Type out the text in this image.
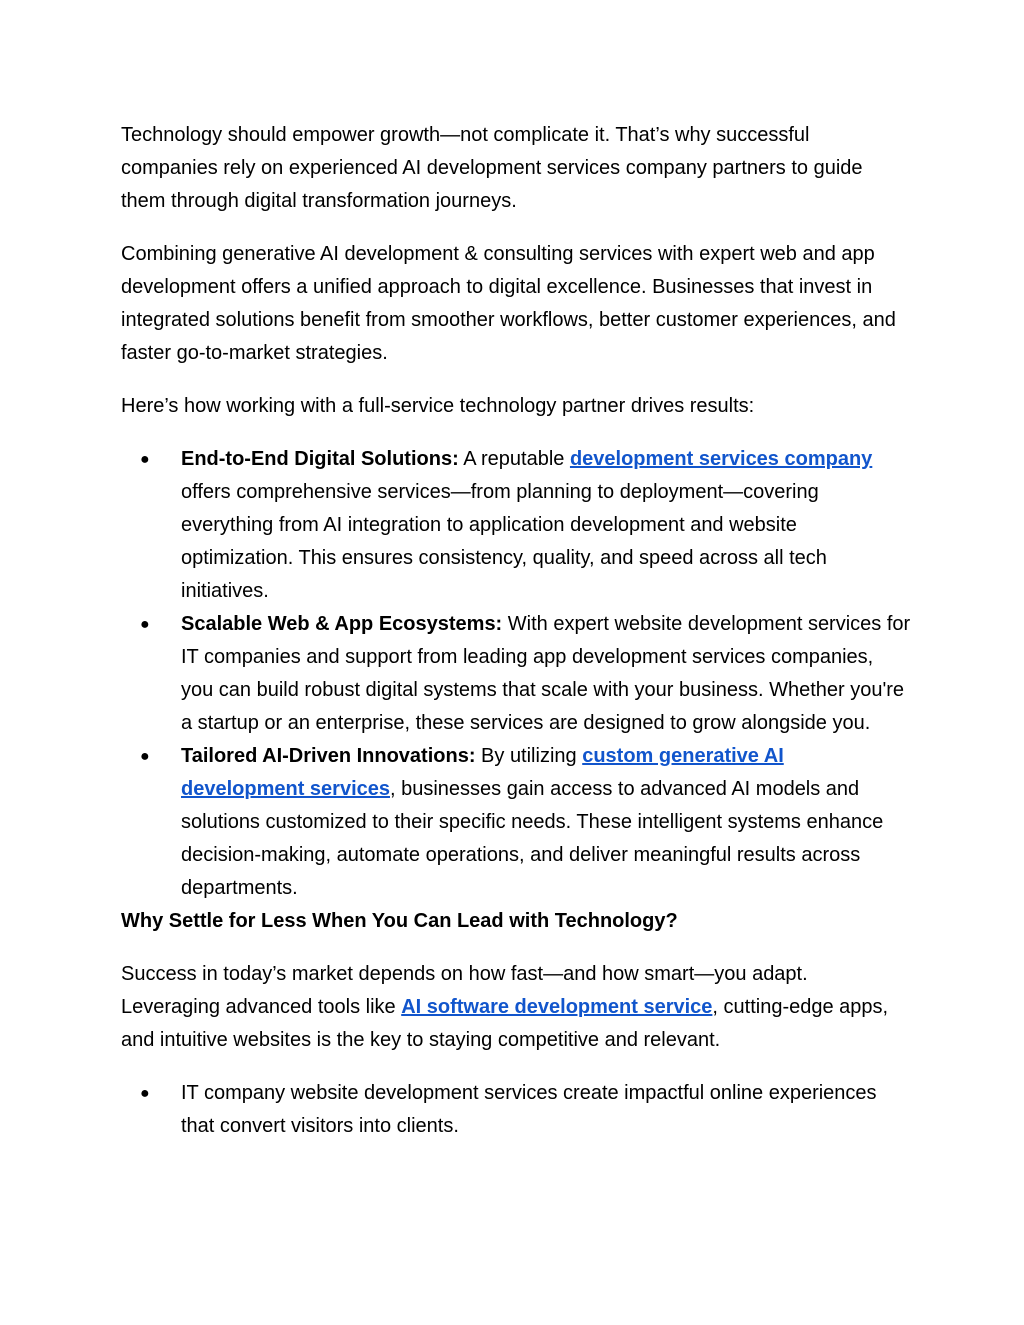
Technology should empower growth—not complicate it. That’s why successful companies rely on experienced AI development services company partners to guide them through digital transformation journeys.

Combining generative AI development & consulting services with expert web and app development offers a unified approach to digital excellence. Businesses that invest in integrated solutions benefit from smoother workflows, better customer experiences, and faster go-to-market strategies.

Here’s how working with a full-service technology partner drives results:

● End-to-End Digital Solutions: A reputable development services company offers comprehensive services—from planning to deployment—covering everything from AI integration to application development and website optimization. This ensures consistency, quality, and speed across all tech initiatives.
● Scalable Web & App Ecosystems: With expert website development services for IT companies and support from leading app development services companies, you can build robust digital systems that scale with your business. Whether you're a startup or an enterprise, these services are designed to grow alongside you.
● Tailored AI-Driven Innovations: By utilizing custom generative AI development services, businesses gain access to advanced AI models and solutions customized to their specific needs. These intelligent systems enhance decision-making, automate operations, and deliver meaningful results across departments.

Why Settle for Less When You Can Lead with Technology?

Success in today’s market depends on how fast—and how smart—you adapt. Leveraging advanced tools like AI software development service, cutting-edge apps, and intuitive websites is the key to staying competitive and relevant.

● IT company website development services create impactful online experiences that convert visitors into clients.
